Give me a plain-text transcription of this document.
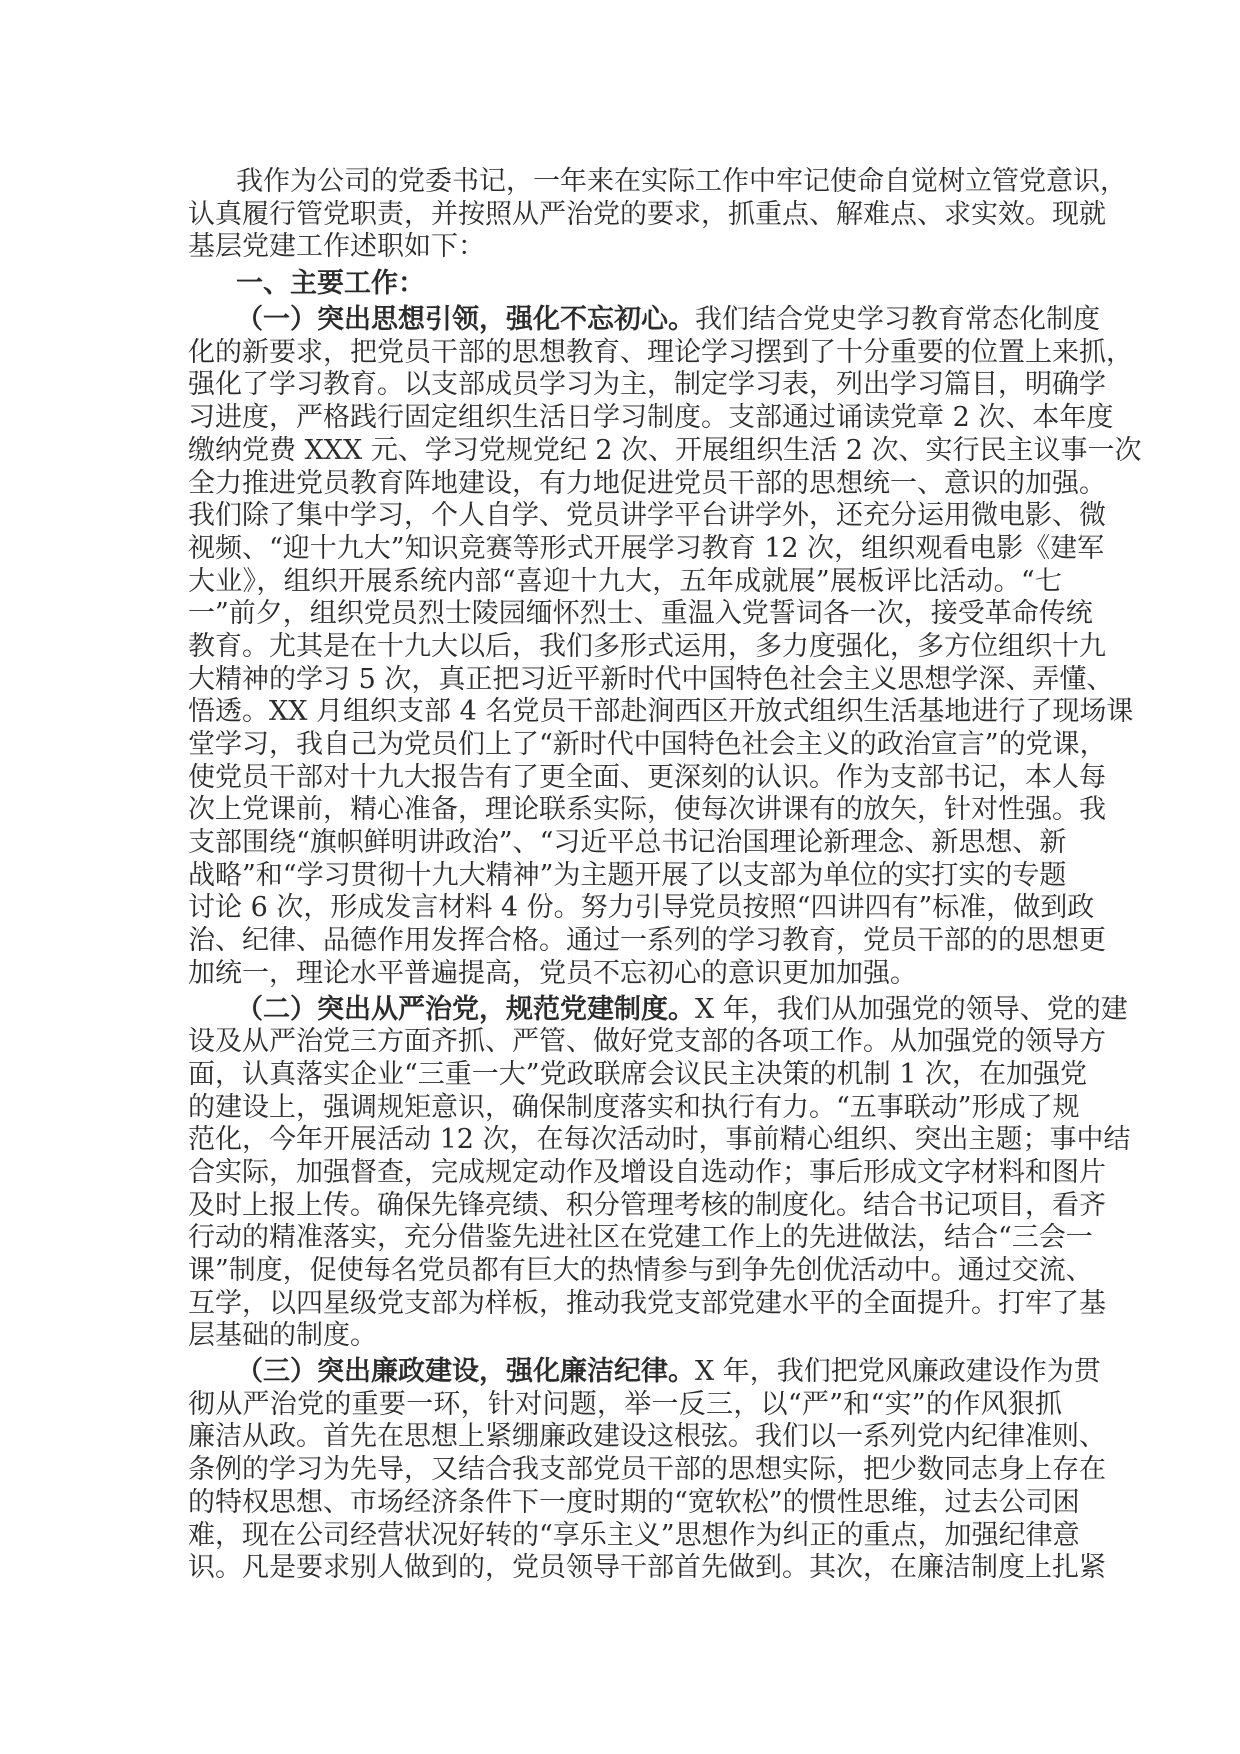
我作为公司的党委书记，一年来在实际工作中牢记使命自觉树立管党意识，
认真履行管党职责，并按照从严治党的要求，抓重点、解难点、求实效。现就
基层党建工作述职如下：
一、主要工作：
（一）突出思想引领，强化不忘初心。我们结合党史学习教育常态化制度
化的新要求，把党员干部的思想教育、理论学习摆到了十分重要的位置上来抓，
强化了学习教育。以支部成员学习为主，制定学习表，列出学习篇目，明确学
习进度，严格践行固定组织生活日学习制度。支部通过诵读党章 2 次、本年度
缴纳党费 XXX 元、学习党规党纪 2 次、开展组织生活 2 次、实行民主议事一次
全力推进党员教育阵地建设，有力地促进党员干部的思想统一、意识的加强。
我们除了集中学习，个人自学、党员讲学平台讲学外，还充分运用微电影、微
视频、“迎十九大”知识竞赛等形式开展学习教育 12 次，组织观看电影《建军
大业》，组织开展系统内部“喜迎十九大，五年成就展”展板评比活动。“七
一”前夕，组织党员烈士陵园缅怀烈士、重温入党誓词各一次，接受革命传统
教育。尤其是在十九大以后，我们多形式运用，多力度强化，多方位组织十九
大精神的学习 5 次，真正把习近平新时代中国特色社会主义思想学深、弄懂、
悟透。XX 月组织支部 4 名党员干部赴涧西区开放式组织生活基地进行了现场课
堂学习，我自己为党员们上了“新时代中国特色社会主义的政治宣言”的党课，
使党员干部对十九大报告有了更全面、更深刻的认识。作为支部书记，本人每
次上党课前，精心准备，理论联系实际，使每次讲课有的放矢，针对性强。我
支部围绕“旗帜鲜明讲政治”、“习近平总书记治国理论新理念、新思想、新
战略”和“学习贯彻十九大精神”为主题开展了以支部为单位的实打实的专题
讨论 6 次，形成发言材料 4 份。努力引导党员按照“四讲四有”标准，做到政
治、纪律、品德作用发挥合格。通过一系列的学习教育，党员干部的的思想更
加统一，理论水平普遍提高，党员不忘初心的意识更加加强。
（二）突出从严治党，规范党建制度。X 年，我们从加强党的领导、党的建
设及从严治党三方面齐抓、严管、做好党支部的各项工作。从加强党的领导方
面，认真落实企业“三重一大”党政联席会议民主决策的机制 1 次，在加强党
的建设上，强调规矩意识，确保制度落实和执行有力。“五事联动”形成了规
范化，今年开展活动 12 次，在每次活动时，事前精心组织、突出主题；事中结
合实际，加强督查，完成规定动作及增设自选动作；事后形成文字材料和图片
及时上报上传。确保先锋亮绩、积分管理考核的制度化。结合书记项目，看齐
行动的精准落实，充分借鉴先进社区在党建工作上的先进做法，结合“三会一
课”制度，促使每名党员都有巨大的热情参与到争先创优活动中。通过交流、
互学，以四星级党支部为样板，推动我党支部党建水平的全面提升。打牢了基
层基础的制度。
（三）突出廉政建设，强化廉洁纪律。X 年，我们把党风廉政建设作为贯
彻从严治党的重要一环，针对问题，举一反三，以“严”和“实”的作风狠抓
廉洁从政。首先在思想上紧绷廉政建设这根弦。我们以一系列党内纪律准则、
条例的学习为先导，又结合我支部党员干部的思想实际，把少数同志身上存在
的特权思想、市场经济条件下一度时期的“宽软松”的惯性思维，过去公司困
难，现在公司经营状况好转的“享乐主义”思想作为纠正的重点，加强纪律意
识。凡是要求别人做到的，党员领导干部首先做到。其次，在廉洁制度上扎紧
